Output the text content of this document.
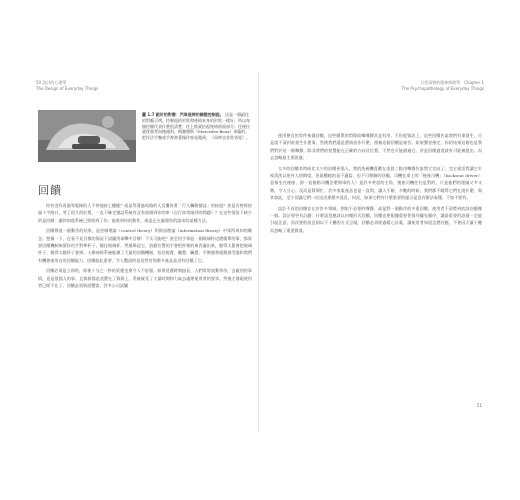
50 設計的心理學
The Design of Everyday Things
圖 1.7 跟好的對應：汽車座椅的調整控制鈕。 這是一個絕佳的對應示例。控制鈕的形狀和座椅本身的形狀一樣好，所以每個控制代表什麼很清楚：往上推就抬起座椅前面部分；往後拉就使靠背向後傾斜。梅賽德斯（Mercedes-Benz）車廠的，把作法手腕或手裡拿著操作容易做到，（同時也非常省電）。
回饋

你有沒有看過等電梯的人不停地按上樓鍵？或是等著過馬路的人反覆按著「行人觸動號誌」的按鈕？你是否曾經按過十字路口，等了很久的紅燈，一直不確定號誌系統有沒有偵測到你的車（自行車常碰到的問題）？在這些情況下缺少的是回饋：讓你知道系統已經收到了你、能收到你的動作，或是正在處理你的請求的某種方法。

回饋傳達一個動作的結果，是控制理論（control theory）和資訊理論（information theory）中眾所周知的概念。想像一下，在看不見目標的情況下試圖用球擊中目標！不太可能吧？甚至用手拿起一個玻璃杯這麼簡單的事，都需要回饋機制來幫你用手對準杯子，握住玻璃杯，然後舉起它。放錯位置的手會把杯裡的東西灑出來，握得太緊會把玻璃杯子，握得太鬆杯子會掉。人類神經系統配備了大量的回饋機制，包括視覺、聽覺、觸覺、平衡感和運動感受器和我們有機會運用自的回饋能力，回饋如此重要，令人驚訝的是居然有那麼多產品並沒有回饋了它。

回饋必須是立即的，即使十分之一秒的延遲也會令人不舒服。如果延遲時間過長，人們常常放棄等待，去做別的事情，這是很惱人的事；且資源都是浪費在了資源上，系統就花了大量時間和力氣去處理使用者的要求，然後才發現使用者已經不在了。回饋必須資訊豐富，許多公司試圖

日常事物的精神病理學　Chapter 1
The Psychopathology of Everyday Things

使用便宜的零件來做回饋，這些簡單的閃燈或嗶嗶聲其是有用，不但從資訊上，這些回饋告訴我們有事發生，可是說不清到底發生什麼事，然後我們還是將資訊作什麼，卻無這個回饋是報告。如果聲音指定，你的結果這個也是我們對於這一個嗶聲，除非我們的裝置能在正確的方向及位置，不然也可能錯過它。於是回饋過度就有可能被提出，而去忽略最主要訊號。

太多的回饋有時候比太少的回饋更惱人。我的洗碗機喜歡在凌晨三點用嗶聲告訴我它完成了；完全違反我讓它半夜清洗以免外人的期望。但最糟糕的是不適當、也不可理解的回饋。司機在車上的「後座司機」（backseat driver）意指坐在後座、卻一直指點司機怎麼開車的人）是許多笑話的主角，後座司機往往是對的，只是他們的建議又多又雜，令人分心。反而是幫倒忙。許多家電產品也是一直閃，讓人不耐，多數的時候，我們都不曉得它們在說什麼。與其如此，至少別讓它們一次送出那麼多訊息，何況，如果它們有什麼重要的提示是沒有辦法看懂，不如不要有。

設計不良的回饋存在於許多領域，例如不必要的嗶聲，或是對一個動作的多重回饋，使用者不清楚到底該回應哪一個。設計要更有計劃：什麼訊息應該以何種形式回饋，回饋也要根據重要性排列優先順序，讓最重要的訊號一定能引起注意，而次要的訊息則以不干擾的方式呈現。回饋必須經過精心計畫，讓使用者知道怎麼回應，不會因大量干擾而忽略了重要資訊。

51
